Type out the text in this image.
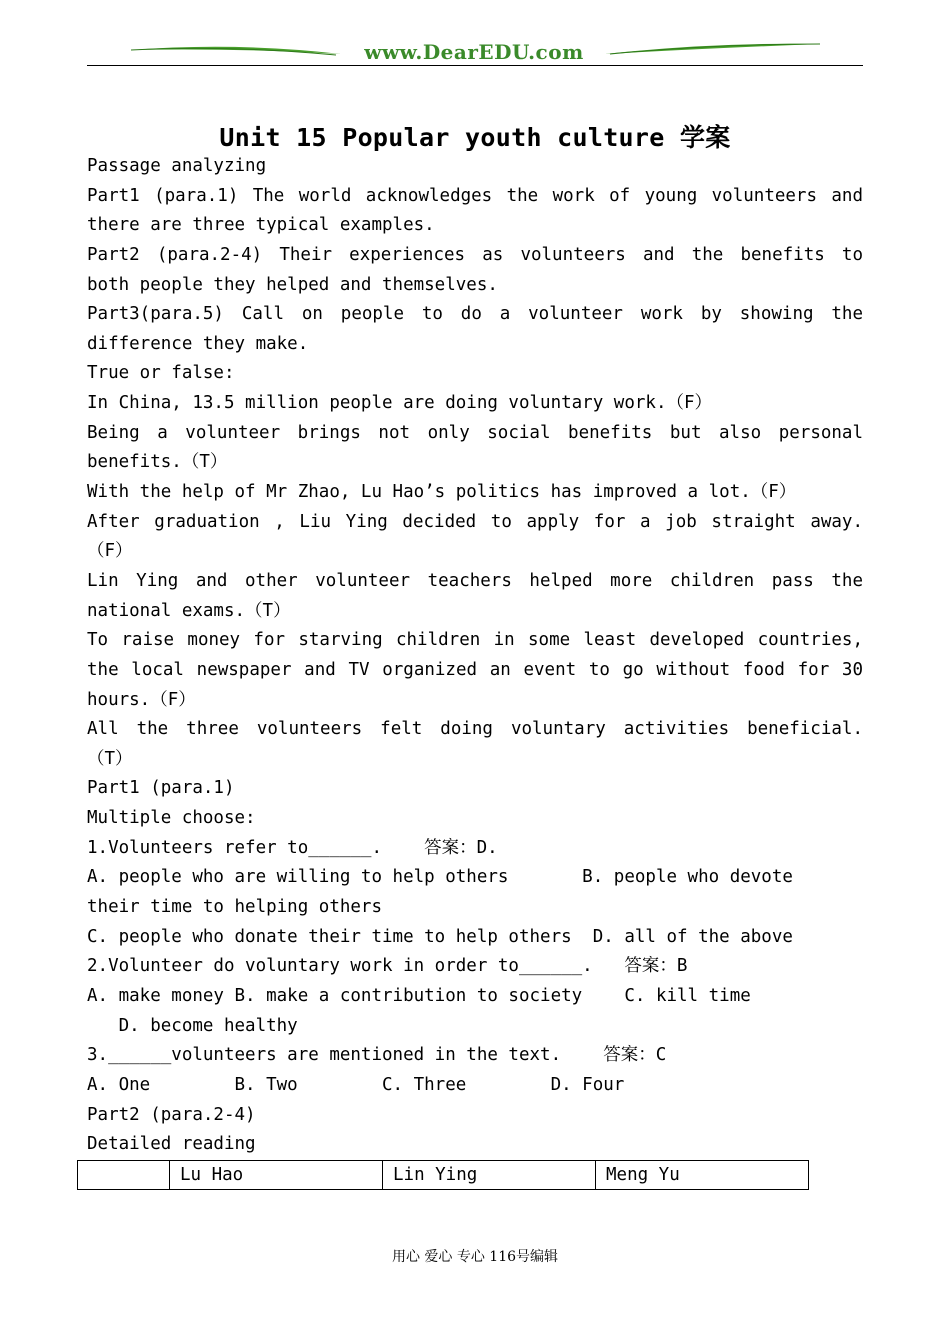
www.DearEDU.com
Unit 15 Popular youth culture 学案
Passage analyzing
Part1 (para.1) The world acknowledges the work of young volunteers and
there are three typical examples.
Part2 (para.2-4) Their experiences as volunteers and the benefits to
both people they helped and themselves.
Part3(para.5) Call on people to do a volunteer work by showing the
difference they make.
True or false:
In China, 13.5 million people are doing voluntary work.（F）
Being a volunteer brings not only social benefits but also personal
benefits.（T）
With the help of Mr Zhao, Lu Hao’s politics has improved a lot.（F）
After graduation , Liu Ying decided to apply for a job straight away.
（F）
Lin Ying and other volunteer teachers helped more children pass the
national exams.（T）
To raise money for starving children in some least developed countries,
the local newspaper and TV organized an event to go without food for 30
hours.（F）
All the three volunteers felt doing voluntary activities beneficial.
（T）
Part1 (para.1)
Multiple choose:
1.Volunteers refer to______.    答案：D.
A. people who are willing to help others       B. people who devote
their time to helping others
C. people who donate their time to help others  D. all of the above
2.Volunteer do voluntary work in order to______.   答案：B
A. make money B. make a contribution to society    C. kill time
D. become healthy
3.______volunteers are mentioned in the text.    答案：C
A. One        B. Two        C. Three        D. Four
Part2 (para.2-4)
Detailed reading
	Lu Hao	Lin Ying	Meng Yu
用心 爱心 专心 116号编辑
